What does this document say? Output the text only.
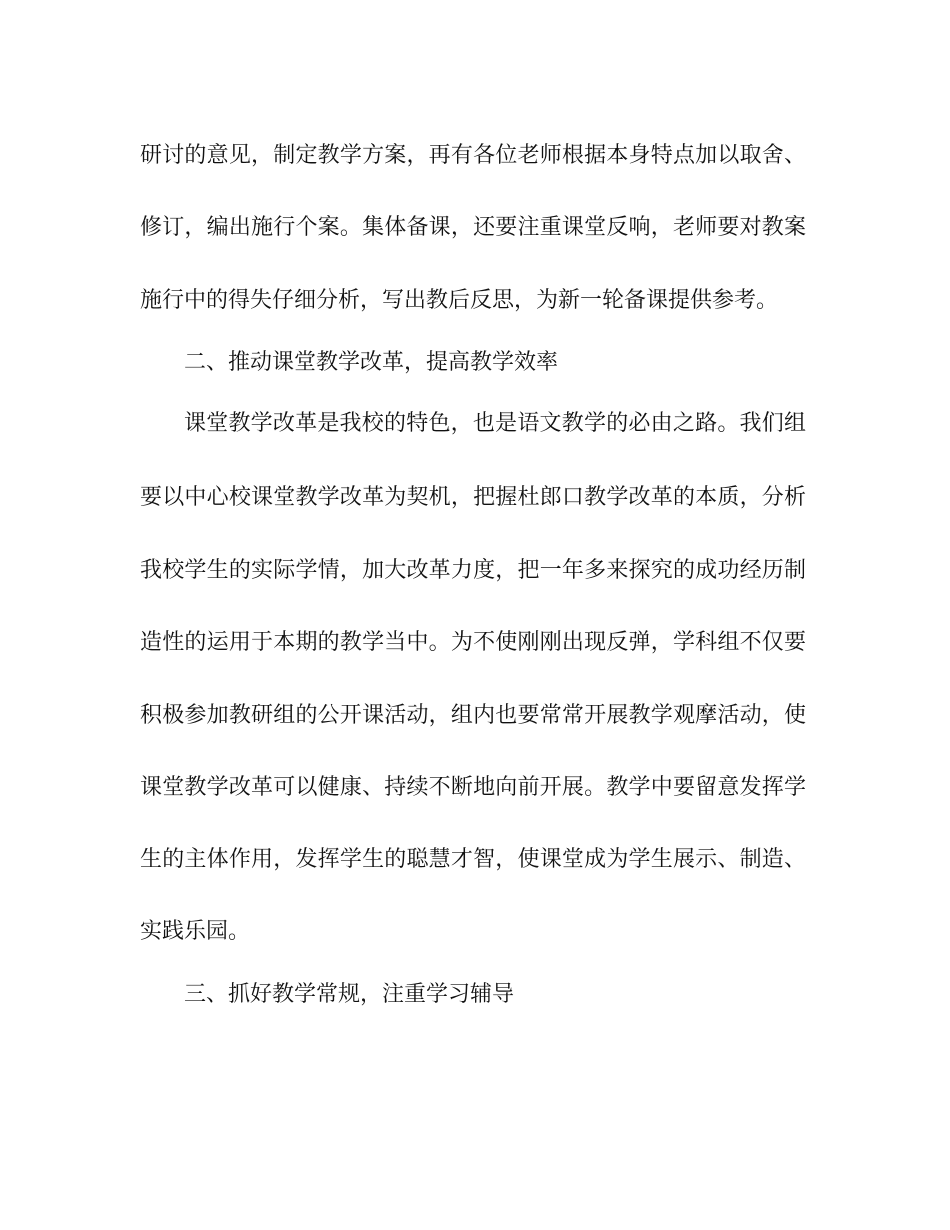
研讨的意见，制定教学方案，再有各位老师根据本身特点加以取舍、
修订，编出施行个案。集体备课，还要注重课堂反响，老师要对教案
施行中的得失仔细分析，写出教后反思，为新一轮备课提供参考。
二、推动课堂教学改革，提高教学效率
课堂教学改革是我校的特色，也是语文教学的必由之路。我们组
要以中心校课堂教学改革为契机，把握杜郎口教学改革的本质，分析
我校学生的实际学情，加大改革力度，把一年多来探究的成功经历制
造性的运用于本期的教学当中。为不使刚刚出现反弹，学科组不仅要
积极参加教研组的公开课活动，组内也要常常开展教学观摩活动，使
课堂教学改革可以健康、持续不断地向前开展。教学中要留意发挥学
生的主体作用，发挥学生的聪慧才智，使课堂成为学生展示、制造、
实践乐园。
三、抓好教学常规，注重学习辅导
